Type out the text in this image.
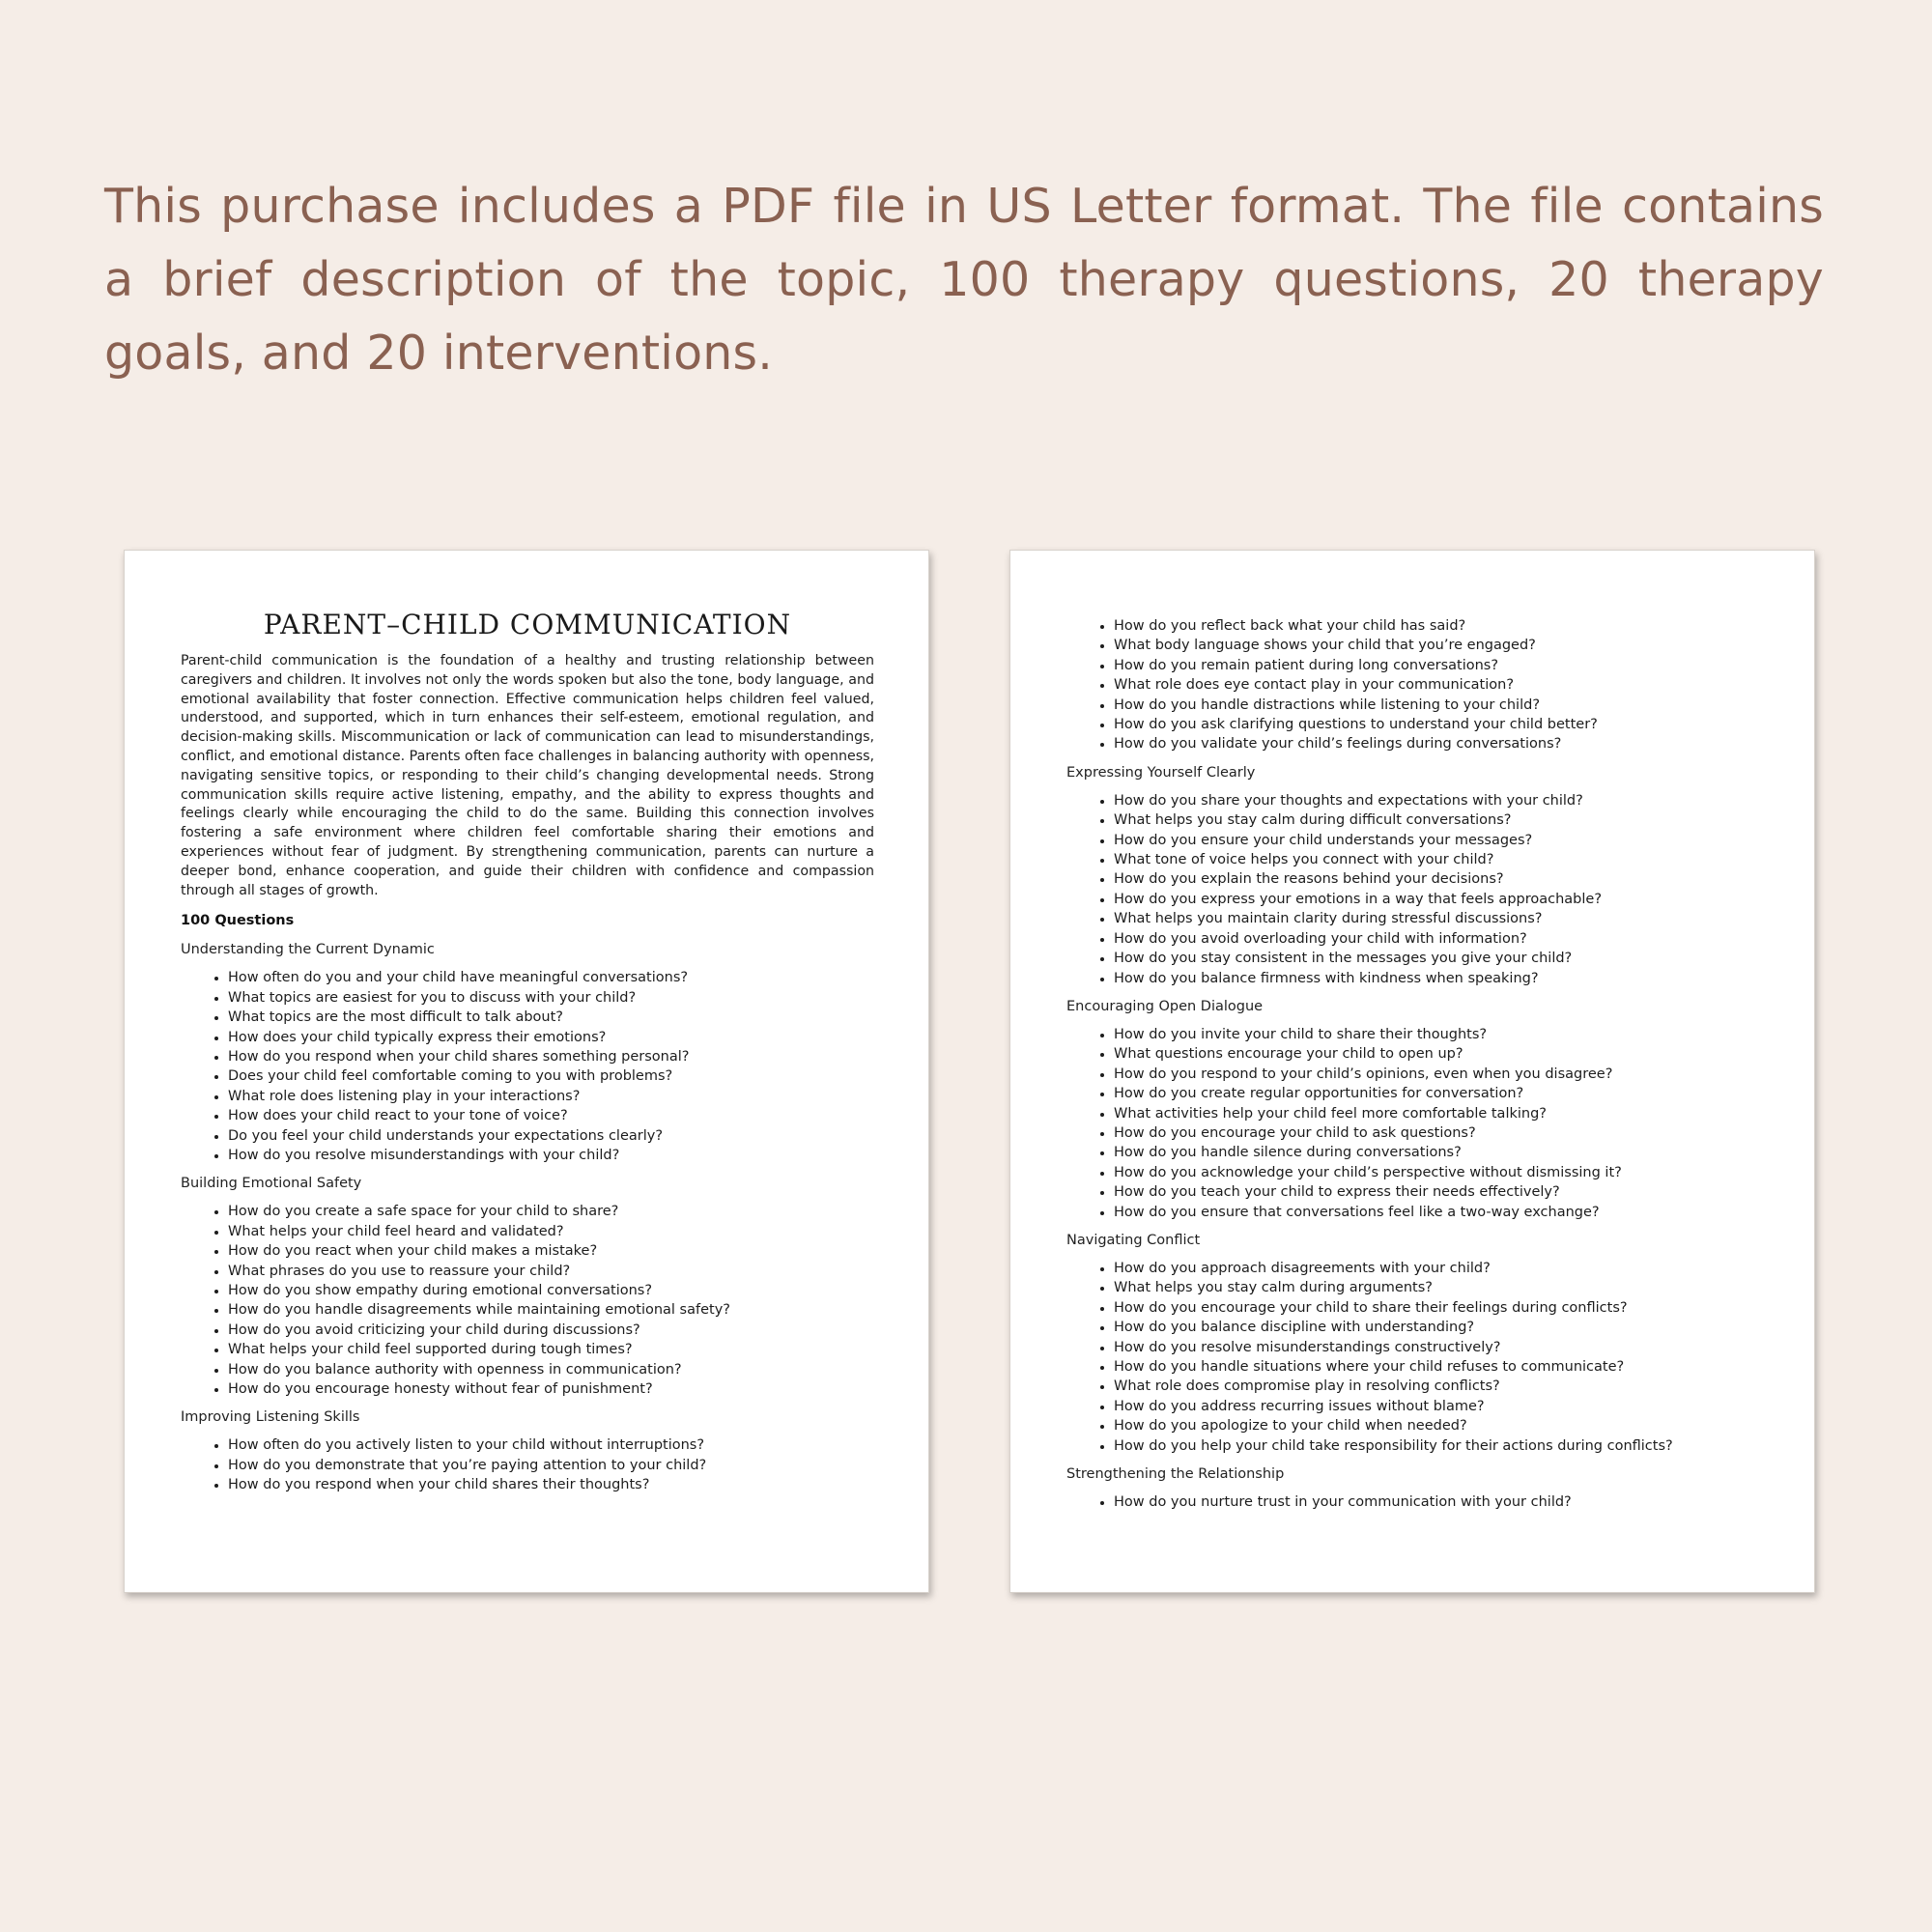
This purchase includes a PDF file in US Letter format. The file contains a brief description of the topic, 100 therapy questions, 20 therapy goals, and 20 interventions.
PARENT–CHILD COMMUNICATION

Parent-child communication is the foundation of a healthy and trusting relationship between caregivers and children. It involves not only the words spoken but also the tone, body language, and emotional availability that foster connection. Effective communication helps children feel valued, understood, and supported, which in turn enhances their self-esteem, emotional regulation, and decision-making skills. Miscommunication or lack of communication can lead to misunderstandings, conflict, and emotional distance. Parents often face challenges in balancing authority with openness, navigating sensitive topics, or responding to their child’s changing developmental needs. Strong communication skills require active listening, empathy, and the ability to express thoughts and feelings clearly while encouraging the child to do the same. Building this connection involves fostering a safe environment where children feel comfortable sharing their emotions and experiences without fear of judgment. By strengthening communication, parents can nurture a deeper bond, enhance cooperation, and guide their children with confidence and compassion through all stages of growth.

100 Questions
Understanding the Current Dynamic
• How often do you and your child have meaningful conversations?
• What topics are easiest for you to discuss with your child?
• What topics are the most difficult to talk about?
• How does your child typically express their emotions?
• How do you respond when your child shares something personal?
• Does your child feel comfortable coming to you with problems?
• What role does listening play in your interactions?
• How does your child react to your tone of voice?
• Do you feel your child understands your expectations clearly?
• How do you resolve misunderstandings with your child?
Building Emotional Safety
• How do you create a safe space for your child to share?
• What helps your child feel heard and validated?
• How do you react when your child makes a mistake?
• What phrases do you use to reassure your child?
• How do you show empathy during emotional conversations?
• How do you handle disagreements while maintaining emotional safety?
• How do you avoid criticizing your child during discussions?
• What helps your child feel supported during tough times?
• How do you balance authority with openness in communication?
• How do you encourage honesty without fear of punishment?
Improving Listening Skills
• How often do you actively listen to your child without interruptions?
• How do you demonstrate that you’re paying attention to your child?
• How do you respond when your child shares their thoughts?
• How do you reflect back what your child has said?
• What body language shows your child that you’re engaged?
• How do you remain patient during long conversations?
• What role does eye contact play in your communication?
• How do you handle distractions while listening to your child?
• How do you ask clarifying questions to understand your child better?
• How do you validate your child’s feelings during conversations?
Expressing Yourself Clearly
• How do you share your thoughts and expectations with your child?
• What helps you stay calm during difficult conversations?
• How do you ensure your child understands your messages?
• What tone of voice helps you connect with your child?
• How do you explain the reasons behind your decisions?
• How do you express your emotions in a way that feels approachable?
• What helps you maintain clarity during stressful discussions?
• How do you avoid overloading your child with information?
• How do you stay consistent in the messages you give your child?
• How do you balance firmness with kindness when speaking?
Encouraging Open Dialogue
• How do you invite your child to share their thoughts?
• What questions encourage your child to open up?
• How do you respond to your child’s opinions, even when you disagree?
• How do you create regular opportunities for conversation?
• What activities help your child feel more comfortable talking?
• How do you encourage your child to ask questions?
• How do you handle silence during conversations?
• How do you acknowledge your child’s perspective without dismissing it?
• How do you teach your child to express their needs effectively?
• How do you ensure that conversations feel like a two-way exchange?
Navigating Conflict
• How do you approach disagreements with your child?
• What helps you stay calm during arguments?
• How do you encourage your child to share their feelings during conflicts?
• How do you balance discipline with understanding?
• How do you resolve misunderstandings constructively?
• How do you handle situations where your child refuses to communicate?
• What role does compromise play in resolving conflicts?
• How do you address recurring issues without blame?
• How do you apologize to your child when needed?
• How do you help your child take responsibility for their actions during conflicts?
Strengthening the Relationship
• How do you nurture trust in your communication with your child?
